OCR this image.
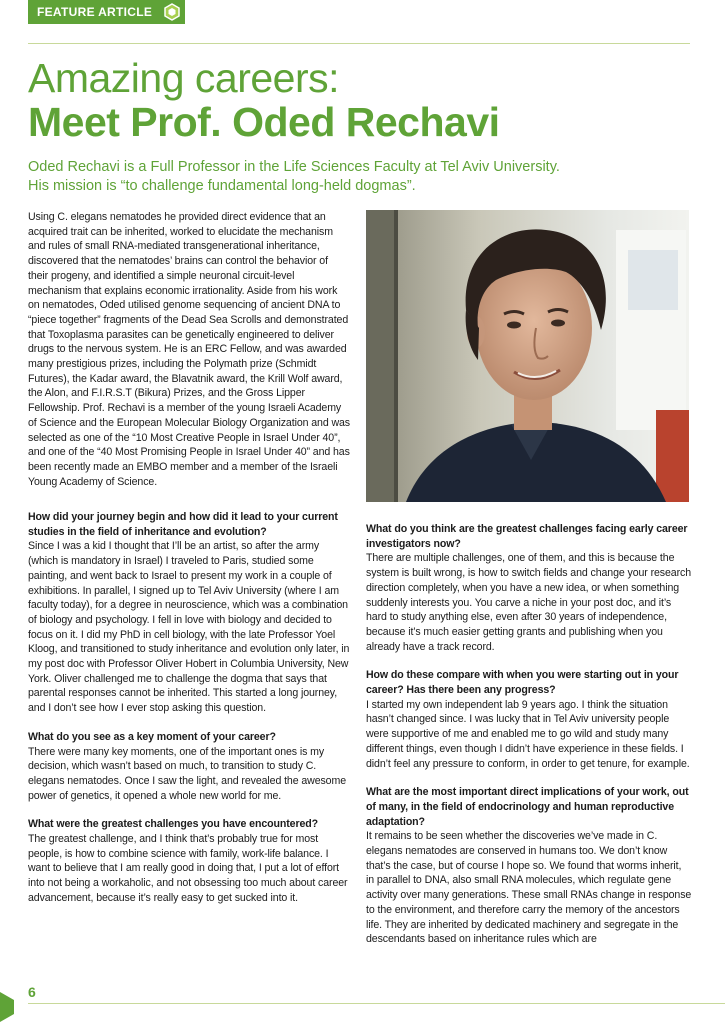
FEATURE ARTICLE
Amazing careers:
Meet Prof. Oded Rechavi

Oded Rechavi is a Full Professor in the Life Sciences Faculty at Tel Aviv University.
His mission is “to challenge fundamental long-held dogmas”.

Using C. elegans nematodes he provided direct evidence that an acquired trait can be inherited, worked to elucidate the mechanism and rules of small RNA-mediated transgenerational inheritance, discovered that the nematodes’ brains can control the behavior of their progeny, and identified a simple neuronal circuit-level mechanism that explains economic irrationality. Aside from his work on nematodes, Oded utilised genome sequencing of ancient DNA to “piece together” fragments of the Dead Sea Scrolls and demonstrated that Toxoplasma parasites can be genetically engineered to deliver drugs to the nervous system. He is an ERC Fellow, and was awarded many prestigious prizes, including the Polymath prize (Schmidt Futures), the Kadar award, the Blavatnik award, the Krill Wolf award, the Alon, and F.I.R.S.T (Bikura) Prizes, and the Gross Lipper Fellowship. Prof. Rechavi is a member of the young Israeli Academy of Science and the European Molecular Biology Organization and was selected as one of the “10 Most Creative People in Israel Under 40”, and one of the “40 Most Promising People in Israel Under 40” and has been recently made an EMBO member and a member of the Israeli Young Academy of Science.

How did your journey begin and how did it lead to your current studies in the field of inheritance and evolution?

Since I was a kid I thought that I’ll be an artist, so after the army (which is mandatory in Israel) I traveled to Paris, studied some painting, and went back to Israel to present my work in a couple of exhibitions. In parallel, I signed up to Tel Aviv University (where I am faculty today), for a degree in neuroscience, which was a combination of biology and psychology. I fell in love with biology and decided to focus on it. I did my PhD in cell biology, with the late Professor Yoel Kloog, and transitioned to study inheritance and evolution only later, in my post doc with Professor Oliver Hobert in Columbia University, New York. Oliver challenged me to challenge the dogma that says that parental responses cannot be inherited. This started a long journey, and I don’t see how I ever stop asking this question.

What do you see as a key moment of your career?

There were many key moments, one of the important ones is my decision, which wasn’t based on much, to transition to study C. elegans nematodes. Once I saw the light, and revealed the awesome power of genetics, it opened a whole new world for me.

What were the greatest challenges you have encountered?

The greatest challenge, and I think that’s probably true for most people, is how to combine science with family, work-life balance. I want to believe that I am really good in doing that, I put a lot of effort into not being a workaholic, and not obsessing too much about career advancement, because it’s really easy to get sucked into it.

What do you think are the greatest challenges facing early career investigators now?

There are multiple challenges, one of them, and this is because the system is built wrong, is how to switch fields and change your research direction completely, when you have a new idea, or when something suddenly interests you. You carve a niche in your post doc, and it’s hard to study anything else, even after 30 years of independence, because it’s much easier getting grants and publishing when you already have a track record.

How do these compare with when you were starting out in your career? Has there been any progress?

I started my own independent lab 9 years ago. I think the situation hasn’t changed since. I was lucky that in Tel Aviv university people were supportive of me and enabled me to go wild and study many different things, even though I didn’t have experience in these fields. I didn’t feel any pressure to conform, in order to get tenure, for example.

What are the most important direct implications of your work, out of many, in the field of endocrinology and human reproductive adaptation?

It remains to be seen whether the discoveries we’ve made in C. elegans nematodes are conserved in humans too. We don’t know that’s the case, but of course I hope so. We found that worms inherit, in parallel to DNA, also small RNA molecules, which regulate gene activity over many generations. These small RNAs change in response to the environment, and therefore carry the memory of the ancestors life. They are inherited by dedicated machinery and segregate in the descendants based on inheritance rules which are

6
